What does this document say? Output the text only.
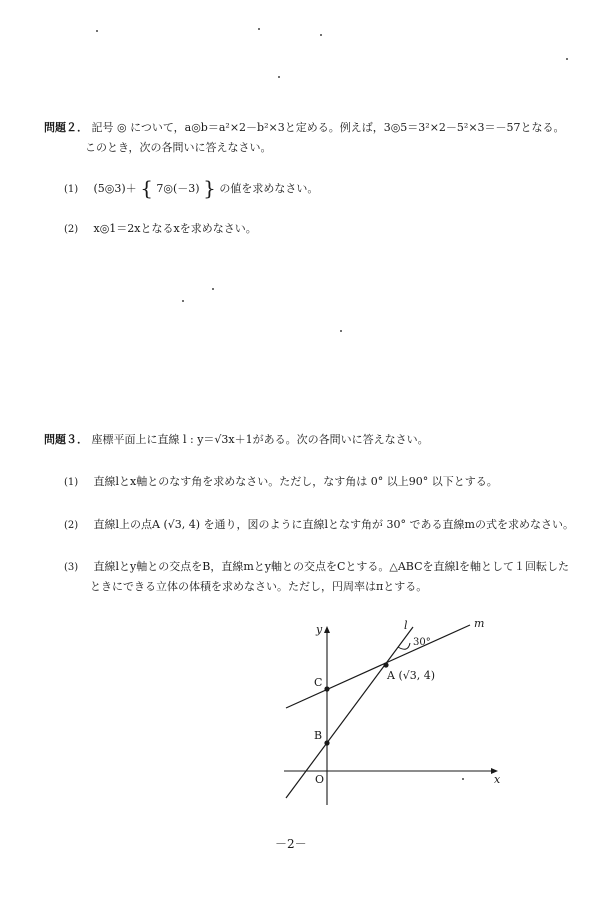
問題２． 記号 ◎ について，a◎b＝a²×2－b²×3と定める。例えば，3◎5＝3²×2－5²×3＝－57となる。
このとき，次の各問いに答えなさい。
(1) (5◎3)＋ { 7◎(－3) } の値を求めなさい。
(2) x◎1＝2xとなるxを求めなさい。
問題３． 座標平面上に直線 l : y＝√3x＋1がある。次の各問いに答えなさい。
(1) 直線lとx軸とのなす角を求めなさい。ただし，なす角は 0° 以上90° 以下とする。
(2) 直線l上の点A (√3, 4) を通り，図のように直線lとなす角が 30° である直線mの式を求めなさい。
(3) 直線lとy軸との交点をB，直線mとy軸との交点をCとする。△ABCを直線lを軸として１回転した
ときにできる立体の体積を求めなさい。ただし，円周率はπとする。
y
x
l	m
30°
A (√3, 4)
B
C
O
－2－
